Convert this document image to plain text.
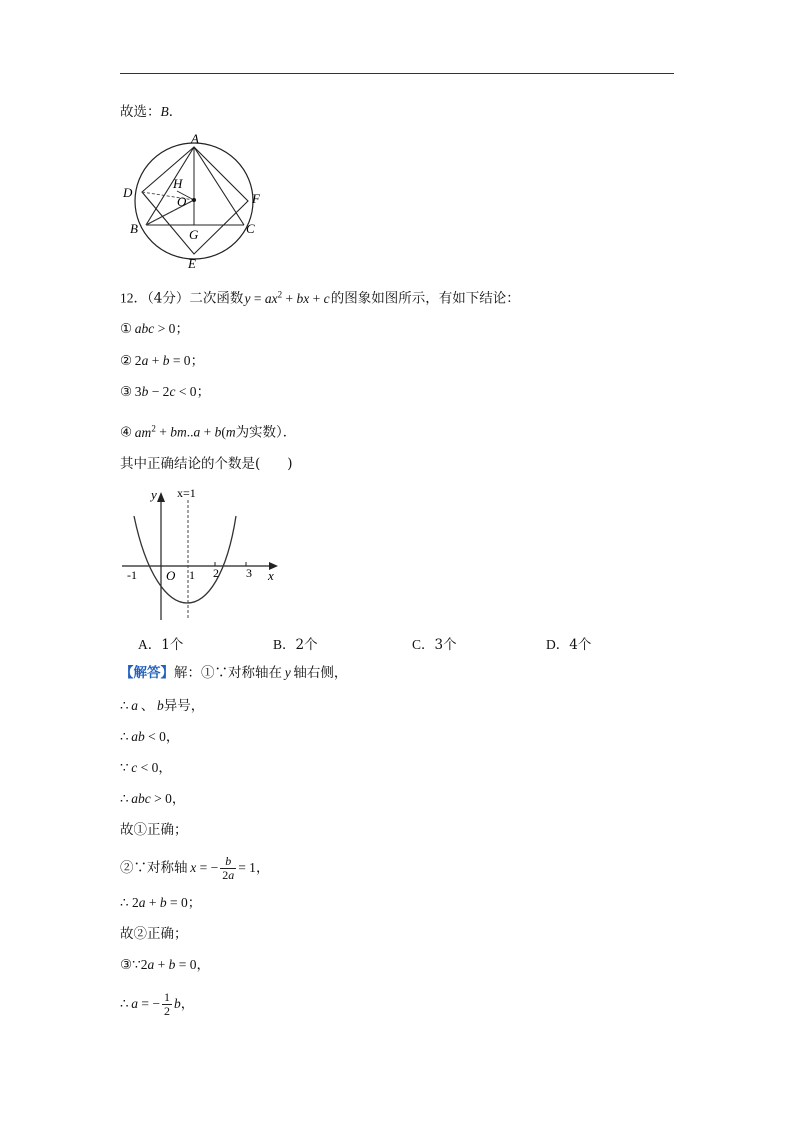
故选：B．
A
D
H
O	F
B	C
G
E
12．（4分）二次函数 $y = ax^2$ + bx + c 的图象如图所示，有如下结论：
① abc > 0；
② 2a + b = 0；
③ 3b − 2c < 0；
④ $am^2 + bm..a + b(m$为实数）．
其中正确结论的个数是(　　)
y x=1
x
O
-1	1 2 3
A．1个	B．2个	C．3个	D．4个
【解答】解：①∵对称轴在  y  轴右侧，
∴ a 、 b异号，
∴ ab < 0，
∵ c < 0，
∴ abc > 0，
故①正确；
②∵对称轴 x = − $\frac{b}{2a} = 1$，
∴ 2a + b = 0；
故②正确；
③∵2a + b = 0，
∴ a = − $\frac{1}{2}$ b，
